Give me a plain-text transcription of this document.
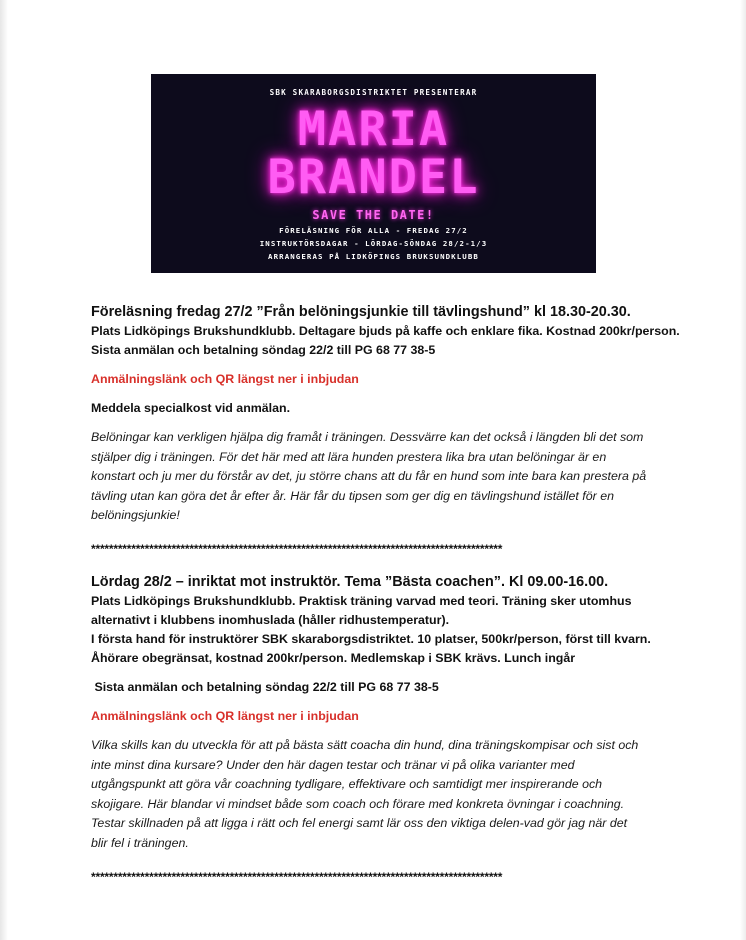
SBK SKARABORGSDISTRIKTET PRESENTERAR
MARIA
BRANDEL
SAVE THE DATE!
FÖRELÄSNING FÖR ALLA - FREDAG 27/2
INSTRUKTÖRSDAGAR - LÖRDAG-SÖNDAG 28/2-1/3
ARRANGERAS PÅ LIDKÖPINGS BRUKSUNDKLUBB
Föreläsning fredag 27/2 ”Från belöningsjunkie till tävlingshund” kl 18.30-20.30.
Plats Lidköpings Brukshundklubb. Deltagare bjuds på kaffe och enklare fika. Kostnad 200kr/person.
Sista anmälan och betalning söndag 22/2 till PG 68 77 38-5
Anmälningslänk och QR längst ner i inbjudan
Meddela specialkost vid anmälan.
Belöningar kan verkligen hjälpa dig framåt i träningen. Dessvärre kan det också i längden bli det som
stjälper dig i träningen. För det här med att lära hunden prestera lika bra utan belöningar är en
konstart och ju mer du förstår av det, ju större chans att du får en hund som inte bara kan prestera på
tävling utan kan göra det år efter år. Här får du tipsen som ger dig en tävlingshund istället för en
belöningsjunkie!
********************************************************************************************
Lördag 28/2 – inriktat mot instruktör. Tema ”Bästa coachen”. Kl 09.00-16.00.
Plats Lidköpings Brukshundklubb. Praktisk träning varvad med teori. Träning sker utomhus
alternativt i klubbens inomhuslada (håller ridhustemperatur).
I första hand för instruktörer SBK skaraborgsdistriktet. 10 platser, 500kr/person, först till kvarn.
Åhörare obegränsat, kostnad 200kr/person. Medlemskap i SBK krävs. Lunch ingår
Sista anmälan och betalning söndag 22/2 till PG 68 77 38-5
Anmälningslänk och QR längst ner i inbjudan
Vilka skills kan du utveckla för att på bästa sätt coacha din hund, dina träningskompisar och sist och
inte minst dina kursare? Under den här dagen testar och tränar vi på olika varianter med
utgångspunkt att göra vår coachning tydligare, effektivare och samtidigt mer inspirerande och
skojigare. Här blandar vi mindset både som coach och förare med konkreta övningar i coachning.
Testar skillnaden på att ligga i rätt och fel energi samt lär oss den viktiga delen-vad gör jag när det
blir fel i träningen.
********************************************************************************************
